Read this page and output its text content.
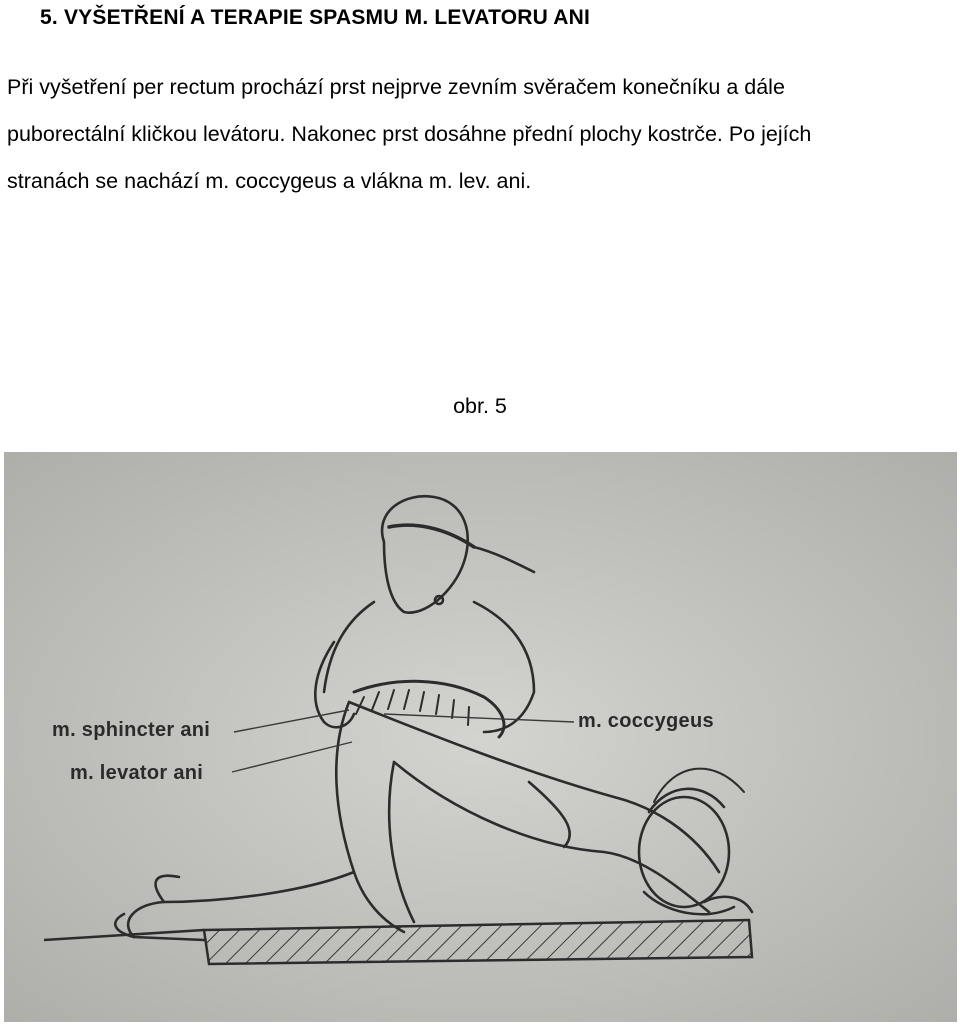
5. VYŠETŘENÍ A TERAPIE SPASMU M. LEVATORU ANI
Při vyšetření per rectum prochází prst nejprve zevním svěračem konečníku a dále
puborectální kličkou levátoru. Nakonec prst dosáhne přední plochy kostrče. Po jejích
stranách se nachází m. coccygeus a vlákna m. lev. ani.
obr. 5
m. sphincter ani
m. levator ani
m. coccygeus
